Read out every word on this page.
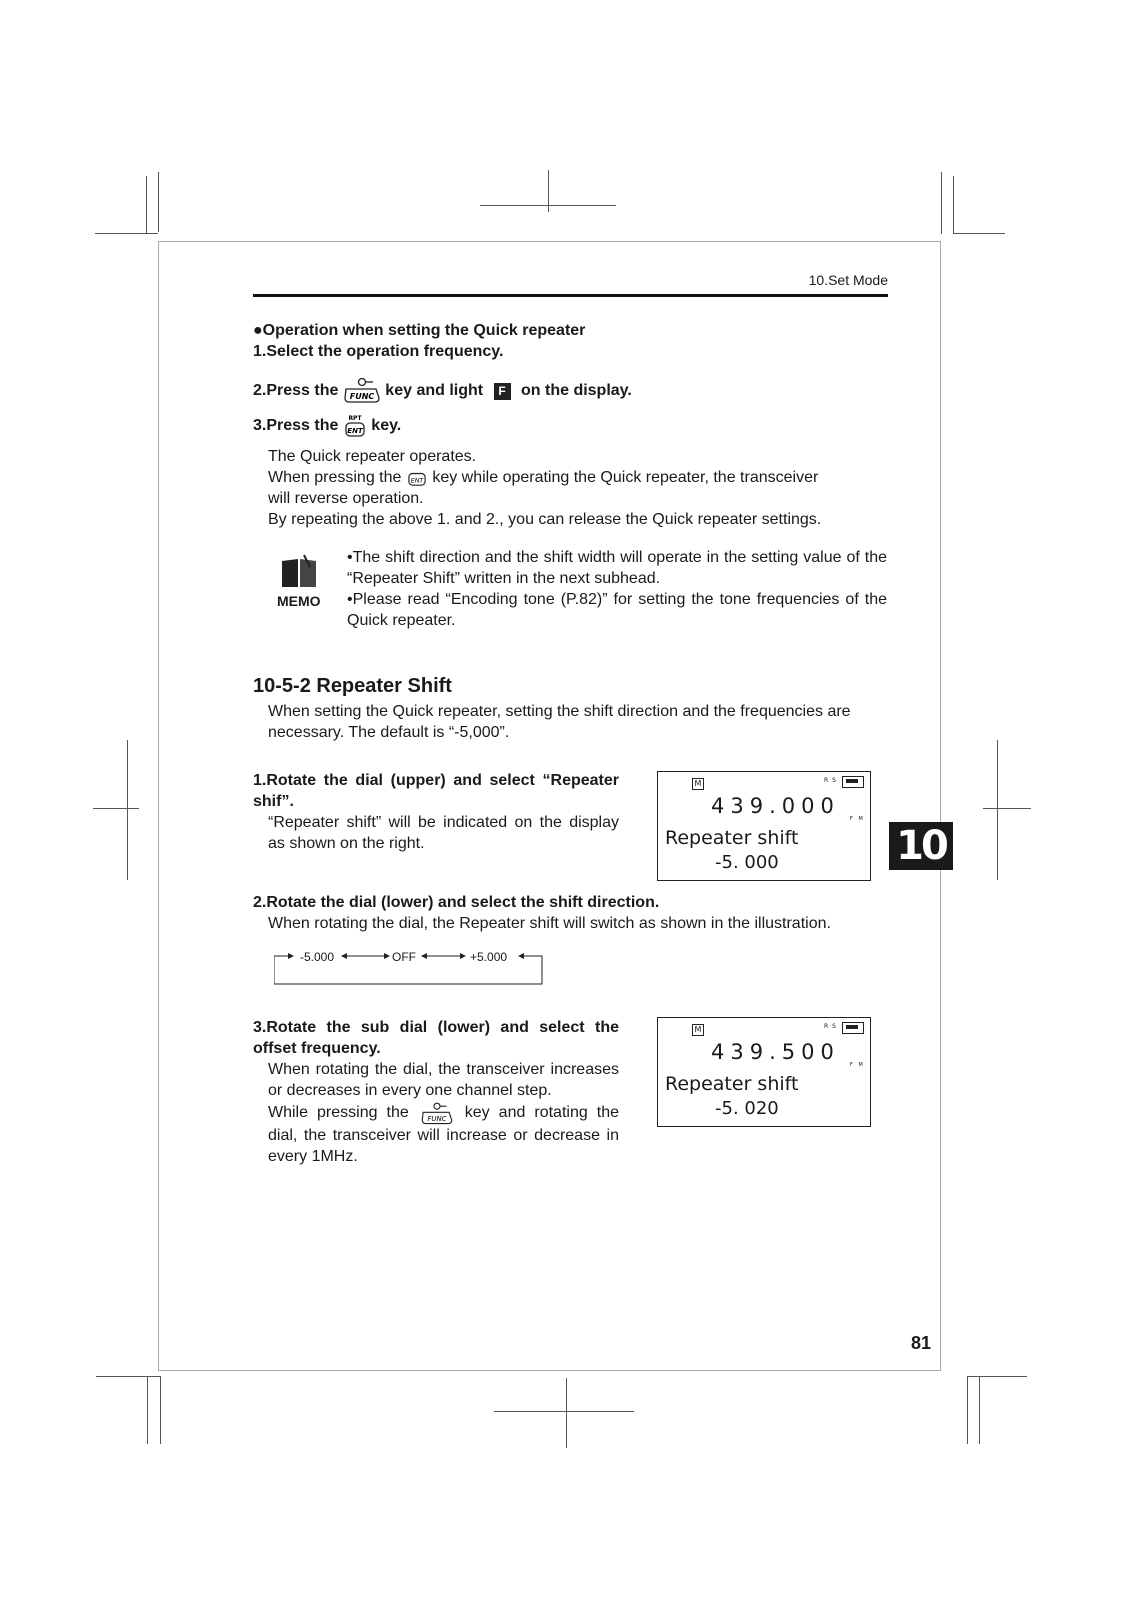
10.Set Mode
●Operation when setting the Quick repeater
1.Select the operation frequency.
2.Press the FUNC key and light F on the display.
3.Press the RPT
ENT key.
The Quick repeater operates.
When pressing the ENT key while operating the Quick repeater, the transceiver
will reverse operation.
By repeating the above 1. and 2., you can release the Quick repeater settings.
MEMO
•The shift direction and the shift width will operate in the setting value of the “Repeater Shift” written in the next subhead.
•Please read “Encoding tone (P.82)” for setting the tone frequencies of the Quick repeater.
10-5-2 Repeater Shift
When setting the Quick repeater, setting the shift direction and the frequencies are necessary. The default is “-5,000”.
1.Rotate the dial (upper) and select “Repeater shif”.
“Repeater shift” will be indicated on the display as shown on the right.
M	R S
439.000
F M
Repeater shift
-5. 000	10
2.Rotate the dial (lower) and select the shift direction.
When rotating the dial, the Repeater shift will switch as shown in the illustration.
-5.000	OFF	+5.000
3.Rotate the sub dial (lower) and select the offset frequency.
When rotating the dial, the transceiver increases or decreases in every one channel step.
While pressing the FUNC key and rotating the dial, the transceiver will increase or decrease in every 1MHz.
M	R S
439.500
F M
Repeater shift
-5. 020
81
